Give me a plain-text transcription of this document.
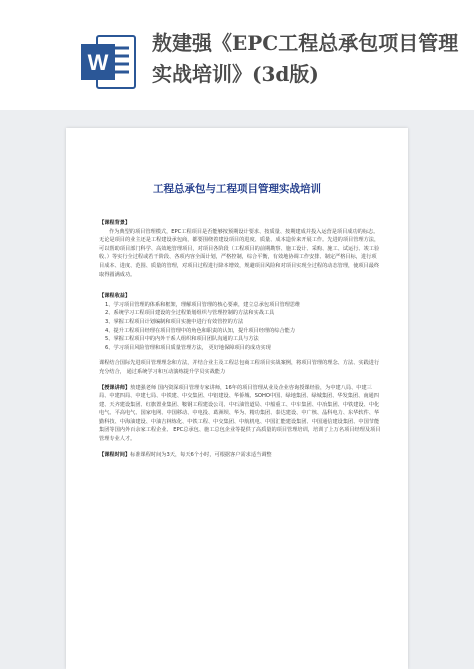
W
敖建强《EPC工程总承包项目管理实战培训》(3d版)
工程总承包与工程项目管理实战培训
【课程背景】
作为典型的项目管理模式，EPC工程项目是否能够按预期设计要求、按质量、按期建成并投入运营是项目成功的标志。无论是项目的业主还是工程建设承包商，都要围绕着建设项目的进度、质量、成本造价来开展工作。先进的项目管理方法，可以帮助项目部门科学、高效地管理项目，对项目各阶段（工程项目的前期勘察、施工设计、采购、施工、试运行、竣工验收、）等实行全过程或若干阶段、各项内容全面计划，严格控制，综合平衡，有效地协调工作安排、制定严格目标，进行项目成本、进度、范围、质量的管理，对项目过程进行降本增效，规避项目风险和对项目实现全过程的动态管理，使项目最终取得圆满成功。
【课程收益】
1、学习项目管理的体系和框架，理解项目管理的核心要素，建立总承包项目管理思维
2、系统学习工程项目建设的全过程策划组织与管理控制的方法和实战工具
3、掌握工程项目计划编制和项目实施中进行有效管控的方法
4、提升工程项目经理在项目管理中的角色和职责的认知，提升项目经理的综合能力
5、掌握工程项目中的内外干系人组织和项目团队沟通的工具与方法
6、学习项目风险管理和项目质量管理方法， 更好地保障项目的成功实现
课程结合国际先进项目管理理念和方法，并结合业主及工程总包商工程项目实战案例，将项目管理的理念、方法、实践进行充分结合， 通过系统学习和互动演练提升学员实战能力
【授课讲师】敖建强老师 国内资深项目管理专家讲师，16年的项目管理从业及企业咨询授课经验，为中建八局、中建三局、中建四局、中建七局、中铁建、中交集团、中铝建设、华侨城、SOHO中国、绿地集团、绿城集团、华发集团、南通四建、天齐建设集团、红旗置业集团、鞍钢工程建设公司、中石油管道局、中船重工、中车集团、中冶集团、中铁建设、中化电气、平高电气、国家电网、中国移动、中电投、葛洲坝、华为、精功集团、泰达建设、中广核、晶科电力、东华软件、华勤科技、中海油建设、中油吉林炼化、中铁工程、中交集团、中航机电、中国汇能建设集团、中国通信建设集团、中国节能集团等国内外百余家工程企业、 EPC总承包、施工总包企业等提供了高质量的项目管理培训，培训了上万名项目经理及项目管理专业人才。
【课程时间】标准课程时间为3天，每天6个小时，可根据客户需求适当调整
